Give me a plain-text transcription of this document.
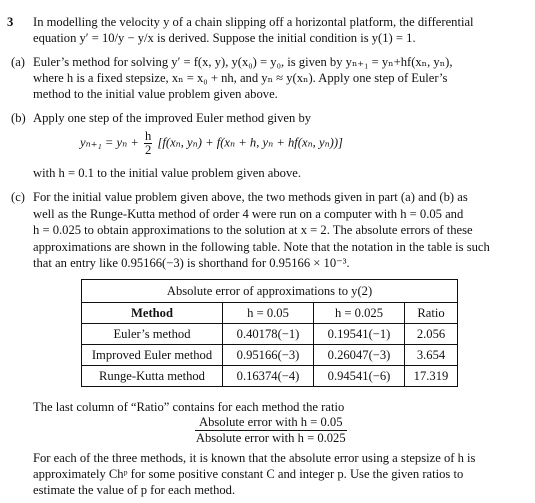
3 In modelling the velocity y of a chain slipping off a horizontal platform, the differential
equation y′ = 10/y − y/x is derived. Suppose the initial condition is y(1) = 1.
(a) Euler’s method for solving y′ = f(x, y), y(x₀) = y₀, is given by yₙ₊₁ = yₙ+hf(xₙ, yₙ),
where h is a fixed stepsize, xₙ = x₀ + nh, and yₙ ≈ y(xₙ). Apply one step of Euler’s
method to the initial value problem given above.
(b) Apply one step of the improved Euler method given by
$y_{n+1} = y_n + \frac{h}{2} [f(x_n$, yₙ) + f(xₙ + h, yₙ + hf(xₙ, yₙ))]
with h = 0.1 to the initial value problem given above.
(c) For the initial value problem given above, the two methods given in part (a) and (b) as
well as the Runge-Kutta method of order 4 were run on a computer with h = 0.05 and
h = 0.025 to obtain approximations to the solution at x = 2. The absolute errors of these
approximations are shown in the following table. Note that the notation in the table is such
that an entry like 0.95166(−3) is shorthand for 0.95166 × 10⁻³.
Absolute error of approximations to y(2)			
Method	h = 0.05	h = 0.025	Ratio
Euler’s method	0.40178(−1)	0.19541(−1)	2.056
Improved Euler method	0.95166(−3)	0.26047(−3)	3.654
Runge-Kutta method	0.16374(−4)	0.94541(−6)	17.319
The last column of “Ratio” contains for each method the ratio
Absolute error with h = 0.05
Absolute error with h = 0.025
For each of the three methods, it is known that the absolute error using a stepsize of h is
approximately Chᵖ for some positive constant C and integer p. Use the given ratios to
estimate the value of p for each method.
